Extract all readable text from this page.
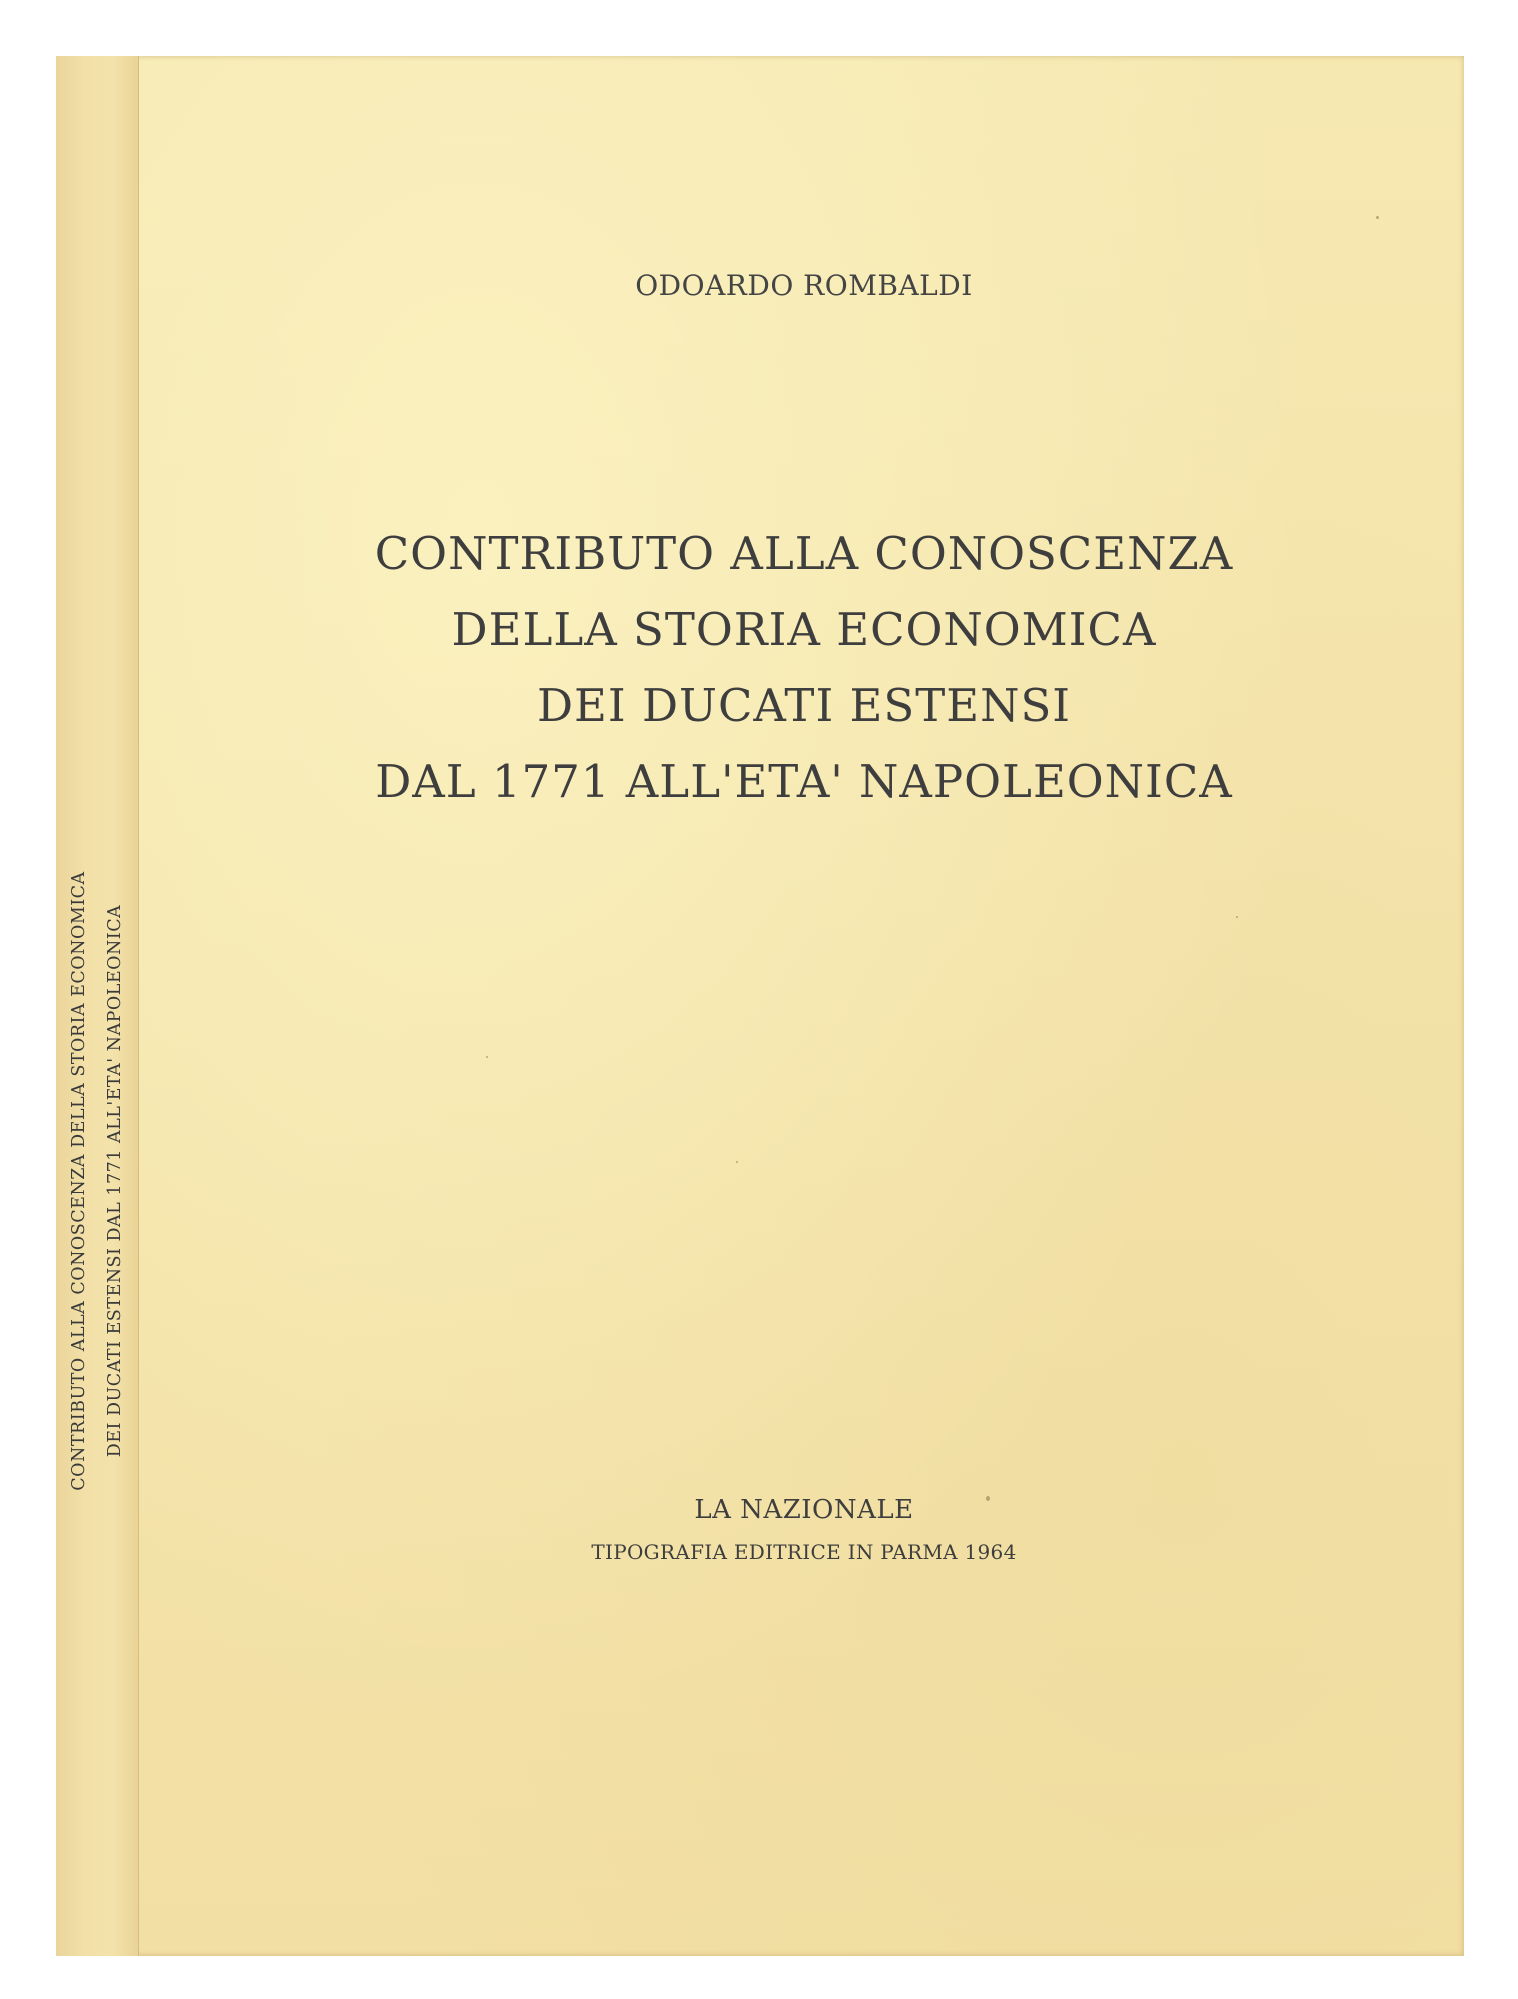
CONTRIBUTO ALLA CONOSCENZA DELLA STORIA ECONOMICA DEI DUCATI ESTENSI DAL 1771 ALL'ETA' NAPOLEONICA
ODOARDO ROMBALDI
CONTRIBUTO ALLA CONOSCENZA
DELLA STORIA ECONOMICA
DEI DUCATI ESTENSI
DAL 1771 ALL'ETA' NAPOLEONICA
LA NAZIONALE
TIPOGRAFIA EDITRICE IN PARMA 1964
